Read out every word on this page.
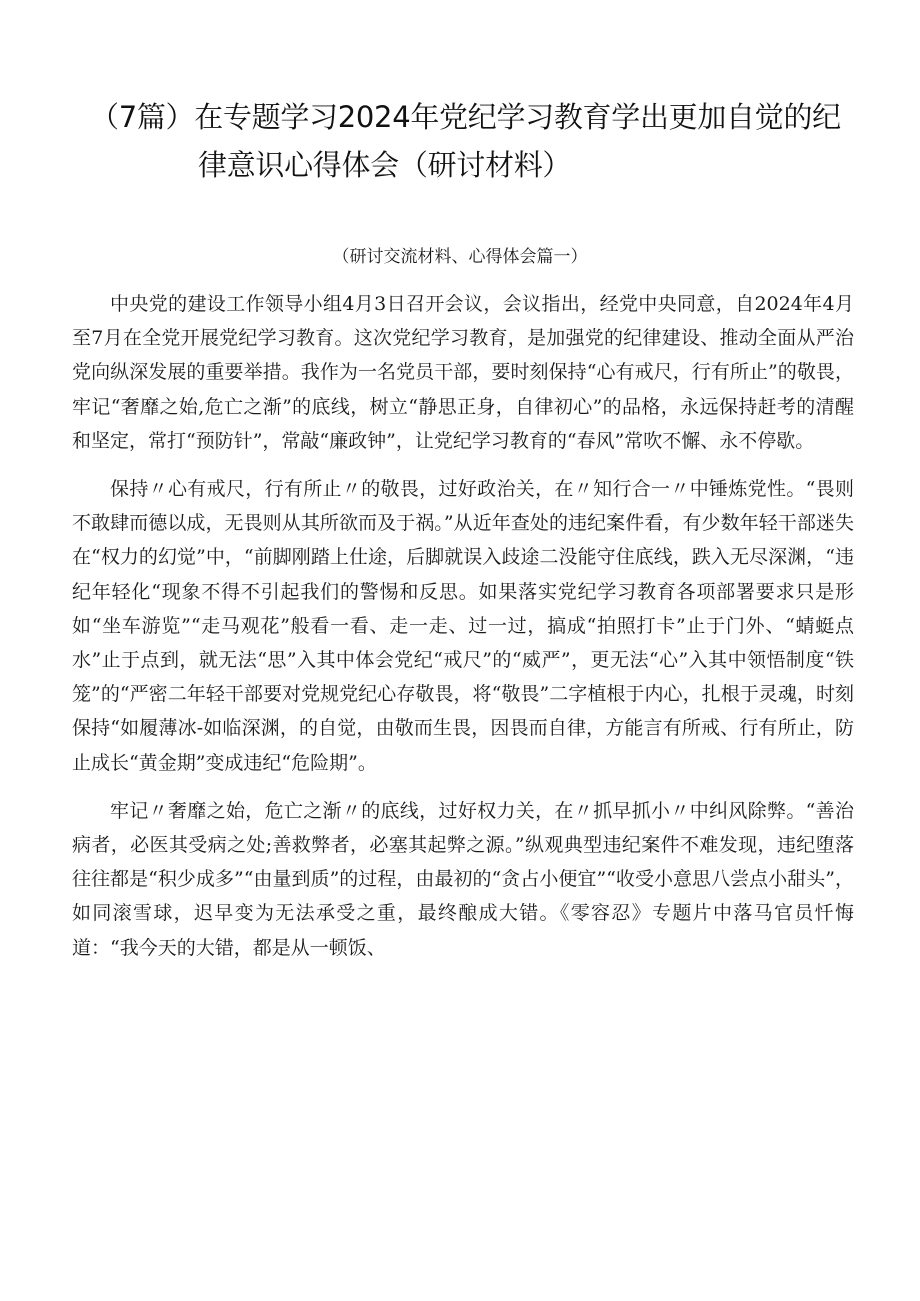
（7篇）在专题学习2024年党纪学习教育学出更加自觉的纪
律意识心得体会（研讨材料）
（研讨交流材料、心得体会篇一）

中央党的建设工作领导小组4月3日召开会议，会议指出，经党中央同意，自2024年4月至7月在全党开展党纪学习教育。这次党纪学习教育，是加强党的纪律建设、推动全面从严治党向纵深发展的重要举措。我作为一名党员干部，要时刻保持“心有戒尺，行有所止”的敬畏，牢记“奢靡之始,危亡之渐”的底线，树立“静思正身，自律初心”的品格，永远保持赶考的清醒和坚定，常打“预防针”，常敲“廉政钟”，让党纪学习教育的“春风”常吹不懈、永不停歇。

保持〃心有戒尺，行有所止〃的敬畏，过好政治关，在〃知行合一〃中锤炼党性。“畏则不敢肆而德以成，无畏则从其所欲而及于祸。”从近年查处的违纪案件看，有少数年轻干部迷失在“权力的幻觉”中，“前脚刚踏上仕途，后脚就误入歧途二没能守住底线，跌入无尽深渊，“违纪年轻化“现象不得不引起我们的警惕和反思。如果落实党纪学习教育各项部署要求只是形如“坐车游览”“走马观花”般看一看、走一走、过一过，搞成“拍照打卡”止于门外、“蜻蜓点水”止于点到，就无法“思”入其中体会党纪“戒尺”的“威严”，更无法“心”入其中领悟制度“铁笼”的“严密二年轻干部要对党规党纪心存敬畏，将“敬畏”二字植根于内心，扎根于灵魂，时刻保持“如履薄冰-如临深渊，的自觉，由敬而生畏，因畏而自律，方能言有所戒、行有所止，防止成长“黄金期”变成违纪“危险期”。

牢记〃奢靡之始，危亡之渐〃的底线，过好权力关，在〃抓早抓小〃中纠风除弊。“善治病者，必医其受病之处;善救弊者，必塞其起弊之源。”纵观典型违纪案件不难发现，违纪堕落往往都是“积少成多”“由量到质”的过程，由最初的“贪占小便宜”“收受小意思八尝点小甜头”，如同滚雪球，迟早变为无法承受之重，最终酿成大错。《零容忍》专题片中落马官员忏悔道：“我今天的大错，都是从一顿饭、
